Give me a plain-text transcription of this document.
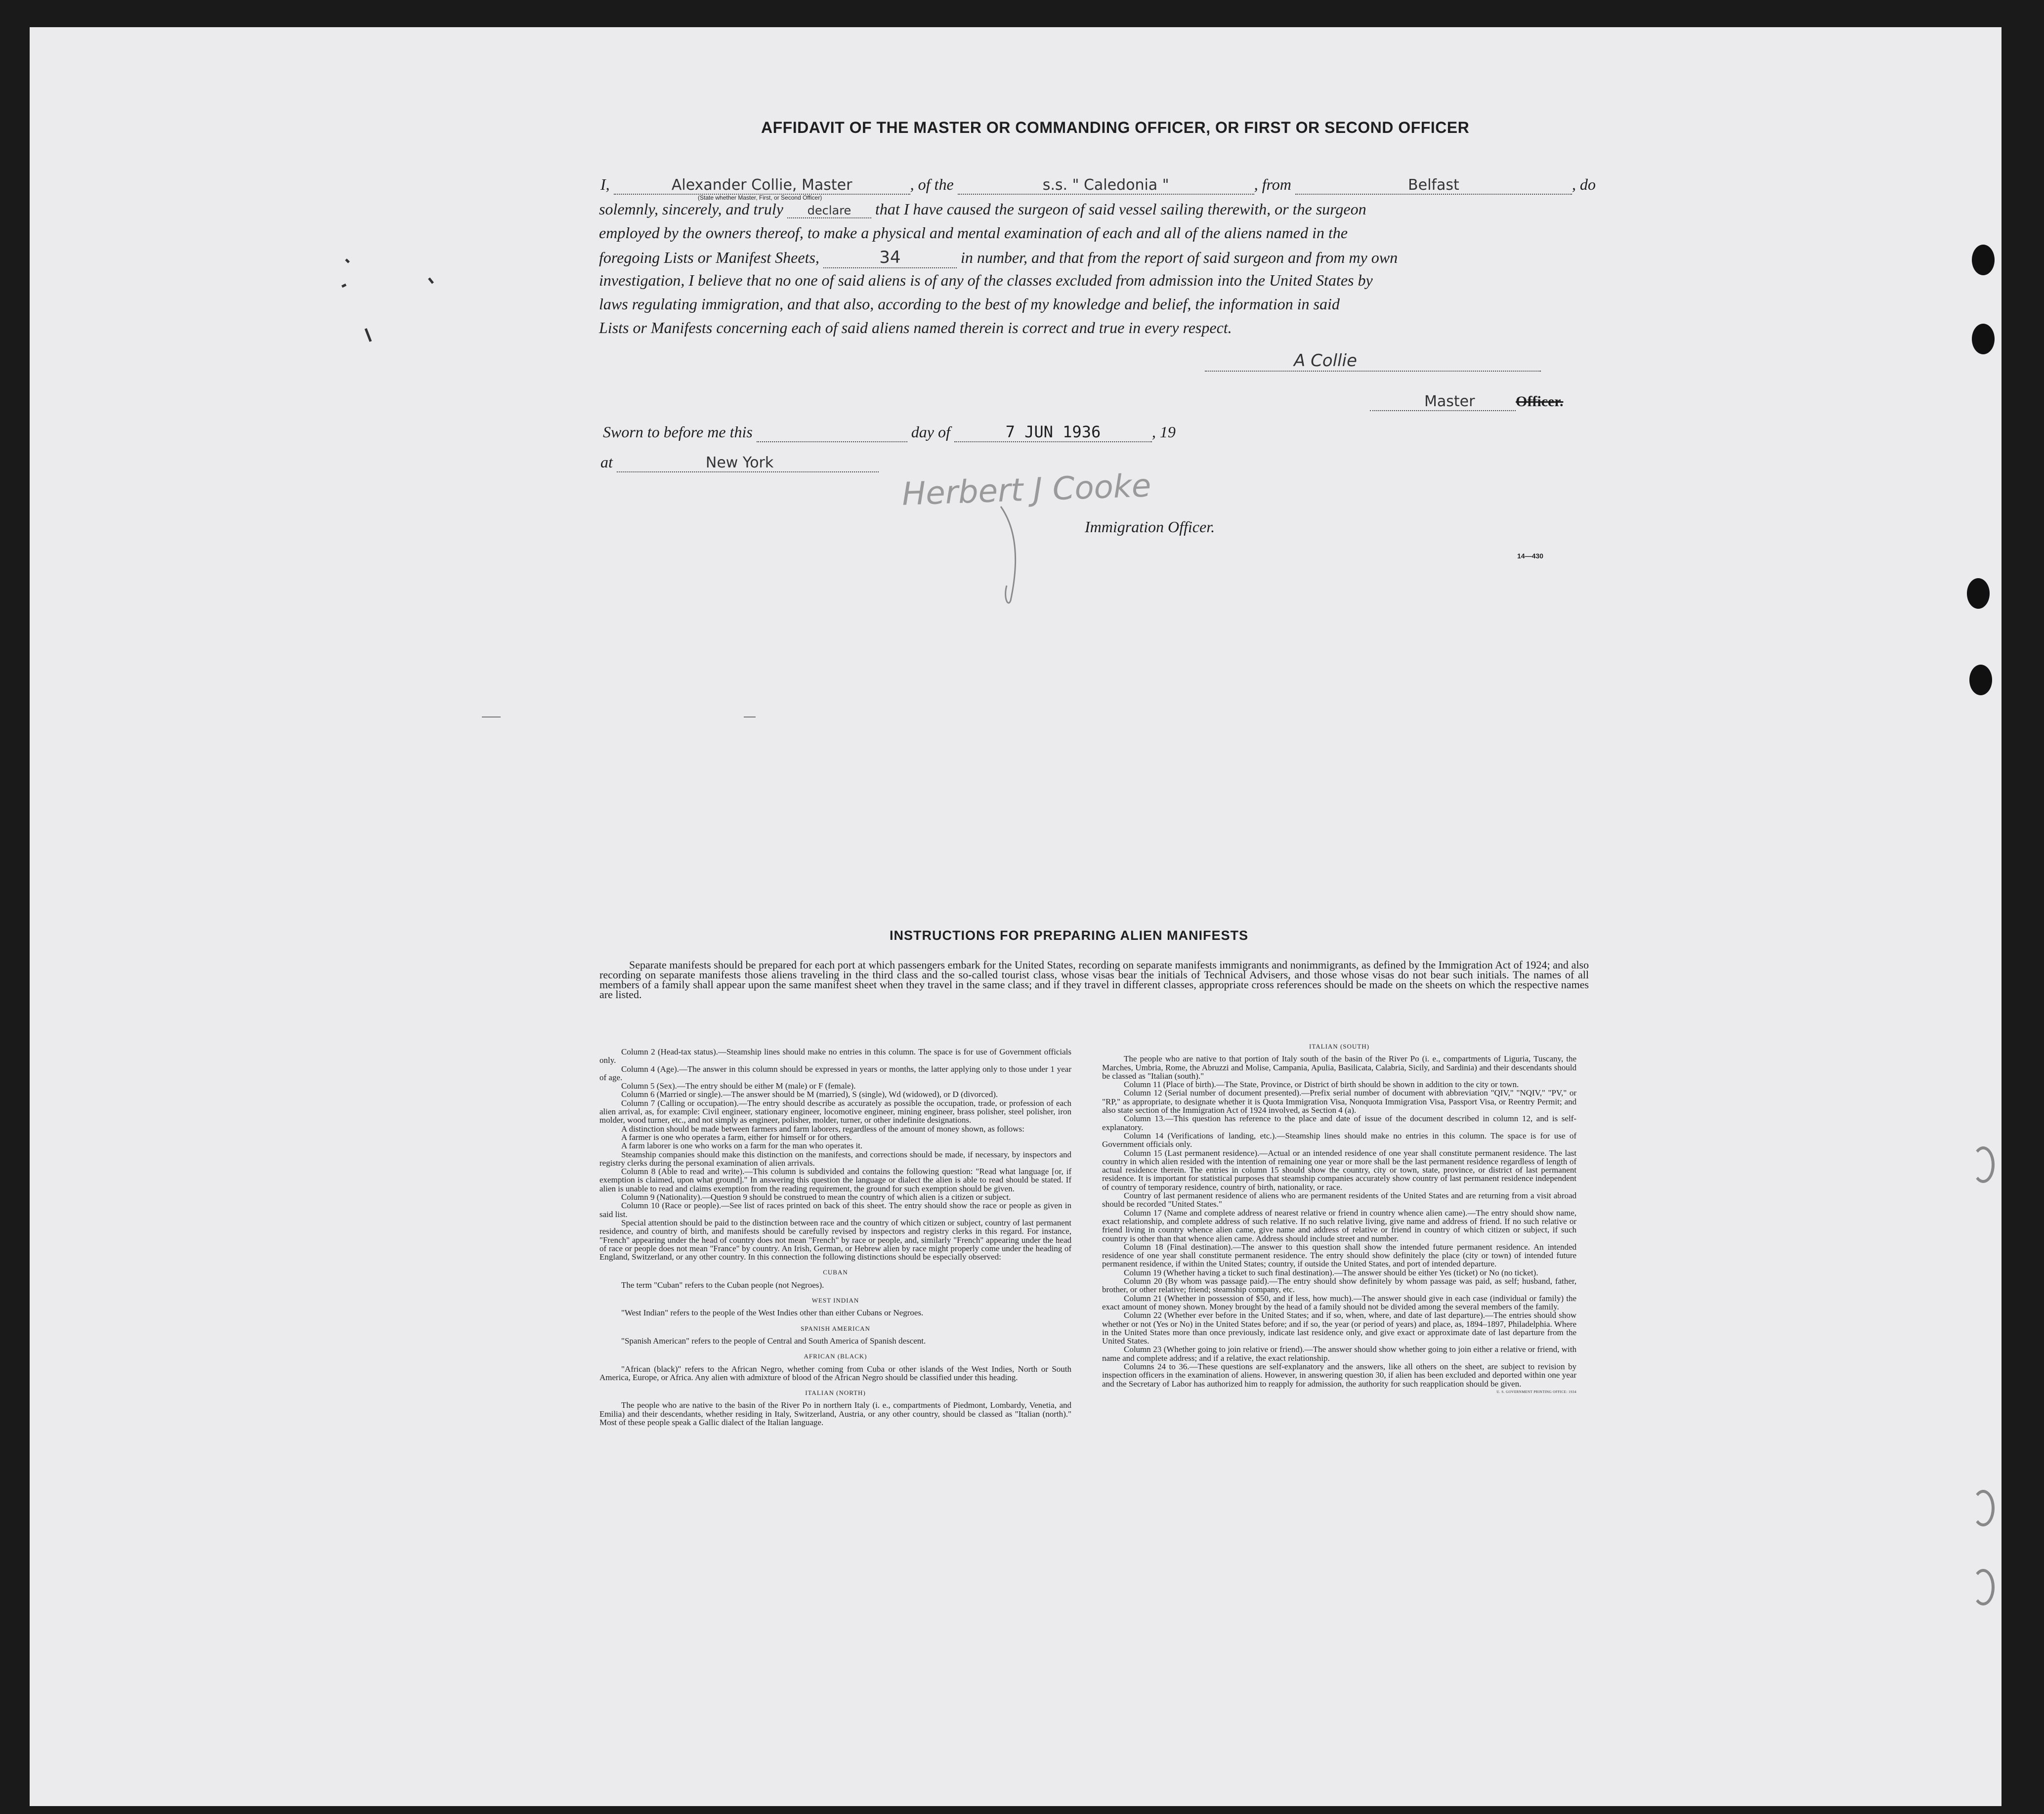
AFFIDAVIT OF THE MASTER OR COMMANDING OFFICER, OR FIRST OR SECOND OFFICER
I,	Alexander Collie, Master	, of the	s.s. " Caledonia "	, from	Belfast	, do
(State whether Master, First, or Second Officer)
solemnly, sincerely, and truly declare that I have caused the surgeon of said vessel sailing therewith, or the surgeon
employed by the owners thereof, to make a physical and mental examination of each and all of the aliens named in the
foregoing Lists or Manifest Sheets,	34	in number, and that from the report of said surgeon and from my own
investigation, I believe that no one of said aliens is of any of the classes excluded from admission into the United States by
laws regulating immigration, and that also, according to the best of my knowledge and belief, the information in said
Lists or Manifests concerning each of said aliens named therein is correct and true in every respect.
A Collie
Master	Officer.
Sworn to before me this	day of	7 JUN 1936	, 19
at	New York
Herbert J Cooke
Immigration Officer.
14—430
INSTRUCTIONS FOR PREPARING ALIEN MANIFESTS
Separate manifests should be prepared for each port at which passengers embark for the United States, recording on separate manifests immigrants and nonimmigrants, as defined by the Immigration Act of 1924; and also recording on separate manifests those aliens traveling in the third class and the so-called tourist class, whose visas bear the initials of Technical Advisers, and those whose visas do not bear such initials. The names of all members of a family shall appear upon the same manifest sheet when they travel in the same class; and if they travel in different classes, appropriate cross references should be made on the sheets on which the respective names are listed.

Column 2 (Head-tax status).—Steamship lines should make no entries in this column. The space is for use of Government officials only.

Column 4 (Age).—The answer in this column should be expressed in years or months, the latter applying only to those under 1 year of age.

Column 5 (Sex).—The entry should be either M (male) or F (female).

Column 6 (Married or single).—The answer should be M (married), S (single), Wd (widowed), or D (divorced).

Column 7 (Calling or occupation).—The entry should describe as accurately as possible the occupation, trade, or profession of each alien arrival, as, for example: Civil engineer, stationary engineer, locomotive engineer, mining engineer, brass polisher, steel polisher, iron molder, wood turner, etc., and not simply as engineer, polisher, molder, turner, or other indefinite designations.

A distinction should be made between farmers and farm laborers, regardless of the amount of money shown, as follows:

A farmer is one who operates a farm, either for himself or for others.

A farm laborer is one who works on a farm for the man who operates it.

Steamship companies should make this distinction on the manifests, and corrections should be made, if necessary, by inspectors and registry clerks during the personal examination of alien arrivals.

Column 8 (Able to read and write).—This column is subdivided and contains the following question: "Read what language [or, if exemption is claimed, upon what ground]." In answering this question the language or dialect the alien is able to read should be stated. If alien is unable to read and claims exemption from the reading requirement, the ground for such exemption should be given.

Column 9 (Nationality).—Question 9 should be construed to mean the country of which alien is a citizen or subject.

Column 10 (Race or people).—See list of races printed on back of this sheet. The entry should show the race or people as given in said list.

Special attention should be paid to the distinction between race and the country of which citizen or subject, country of last permanent residence, and country of birth, and manifests should be carefully revised by inspectors and registry clerks in this regard. For instance, "French" appearing under the head of country does not mean "French" by race or people, and, similarly "French" appearing under the head of race or people does not mean "France" by country. An Irish, German, or Hebrew alien by race might properly come under the heading of England, Switzerland, or any other country. In this connection the following distinctions should be especially observed:

CUBAN

The term "Cuban" refers to the Cuban people (not Negroes).

WEST INDIAN

"West Indian" refers to the people of the West Indies other than either Cubans or Negroes.

SPANISH AMERICAN

"Spanish American" refers to the people of Central and South America of Spanish descent.

AFRICAN (BLACK)

"African (black)" refers to the African Negro, whether coming from Cuba or other islands of the West Indies, North or South America, Europe, or Africa. Any alien with admixture of blood of the African Negro should be classified under this heading.

ITALIAN (NORTH)

The people who are native to the basin of the River Po in northern Italy (i. e., compartments of Piedmont, Lombardy, Venetia, and Emilia) and their descendants, whether residing in Italy, Switzerland, Austria, or any other country, should be classed as "Italian (north)." Most of these people speak a Gallic dialect of the Italian language.

ITALIAN (SOUTH)

The people who are native to that portion of Italy south of the basin of the River Po (i. e., compartments of Liguria, Tuscany, the Marches, Umbria, Rome, the Abruzzi and Molise, Campania, Apulia, Basilicata, Calabria, Sicily, and Sardinia) and their descendants should be classed as "Italian (south)."

Column 11 (Place of birth).—The State, Province, or District of birth should be shown in addition to the city or town.

Column 12 (Serial number of document presented).—Prefix serial number of document with abbreviation "QIV," "NQIV," "PV," or "RP," as appropriate, to designate whether it is Quota Immigration Visa, Nonquota Immigration Visa, Passport Visa, or Reentry Permit; and also state section of the Immigration Act of 1924 involved, as Section 4 (a).

Column 13.—This question has reference to the place and date of issue of the document described in column 12, and is self-explanatory.

Column 14 (Verifications of landing, etc.).—Steamship lines should make no entries in this column. The space is for use of Government officials only.

Column 15 (Last permanent residence).—Actual or an intended residence of one year shall constitute permanent residence. The last country in which alien resided with the intention of remaining one year or more shall be the last permanent residence regardless of length of actual residence therein. The entries in column 15 should show the country, city or town, state, province, or district of last permanent residence. It is important for statistical purposes that steamship companies accurately show country of last permanent residence independent of country of temporary residence, country of birth, nationality, or race.

Country of last permanent residence of aliens who are permanent residents of the United States and are returning from a visit abroad should be recorded "United States."

Column 17 (Name and complete address of nearest relative or friend in country whence alien came).—The entry should show name, exact relationship, and complete address of such relative. If no such relative living, give name and address of friend. If no such relative or friend living in country whence alien came, give name and address of relative or friend in country of which citizen or subject, if such country is other than that whence alien came. Address should include street and number.

Column 18 (Final destination).—The answer to this question shall show the intended future permanent residence. An intended residence of one year shall constitute permanent residence. The entry should show definitely the place (city or town) of intended future permanent residence, if within the United States; country, if outside the United States, and port of intended departure.

Column 19 (Whether having a ticket to such final destination).—The answer should be either Yes (ticket) or No (no ticket).

Column 20 (By whom was passage paid).—The entry should show definitely by whom passage was paid, as self; husband, father, brother, or other relative; friend; steamship company, etc.

Column 21 (Whether in possession of $50, and if less, how much).—The answer should give in each case (individual or family) the exact amount of money shown. Money brought by the head of a family should not be divided among the several members of the family.

Column 22 (Whether ever before in the United States; and if so, when, where, and date of last departure).—The entries should show whether or not (Yes or No) in the United States before; and if so, the year (or period of years) and place, as, 1894–1897, Philadelphia. Where in the United States more than once previously, indicate last residence only, and give exact or approximate date of last departure from the United States.

Column 23 (Whether going to join relative or friend).—The answer should show whether going to join either a relative or friend, with name and complete address; and if a relative, the exact relationship.

Columns 24 to 36.—These questions are self-explanatory and the answers, like all others on the sheet, are subject to revision by inspection officers in the examination of aliens. However, in answering question 30, if alien has been excluded and deported within one year and the Secretary of Labor has authorized him to reapply for admission, the authority for such reapplication should be given.

U. S. GOVERNMENT PRINTING OFFICE: 1934
